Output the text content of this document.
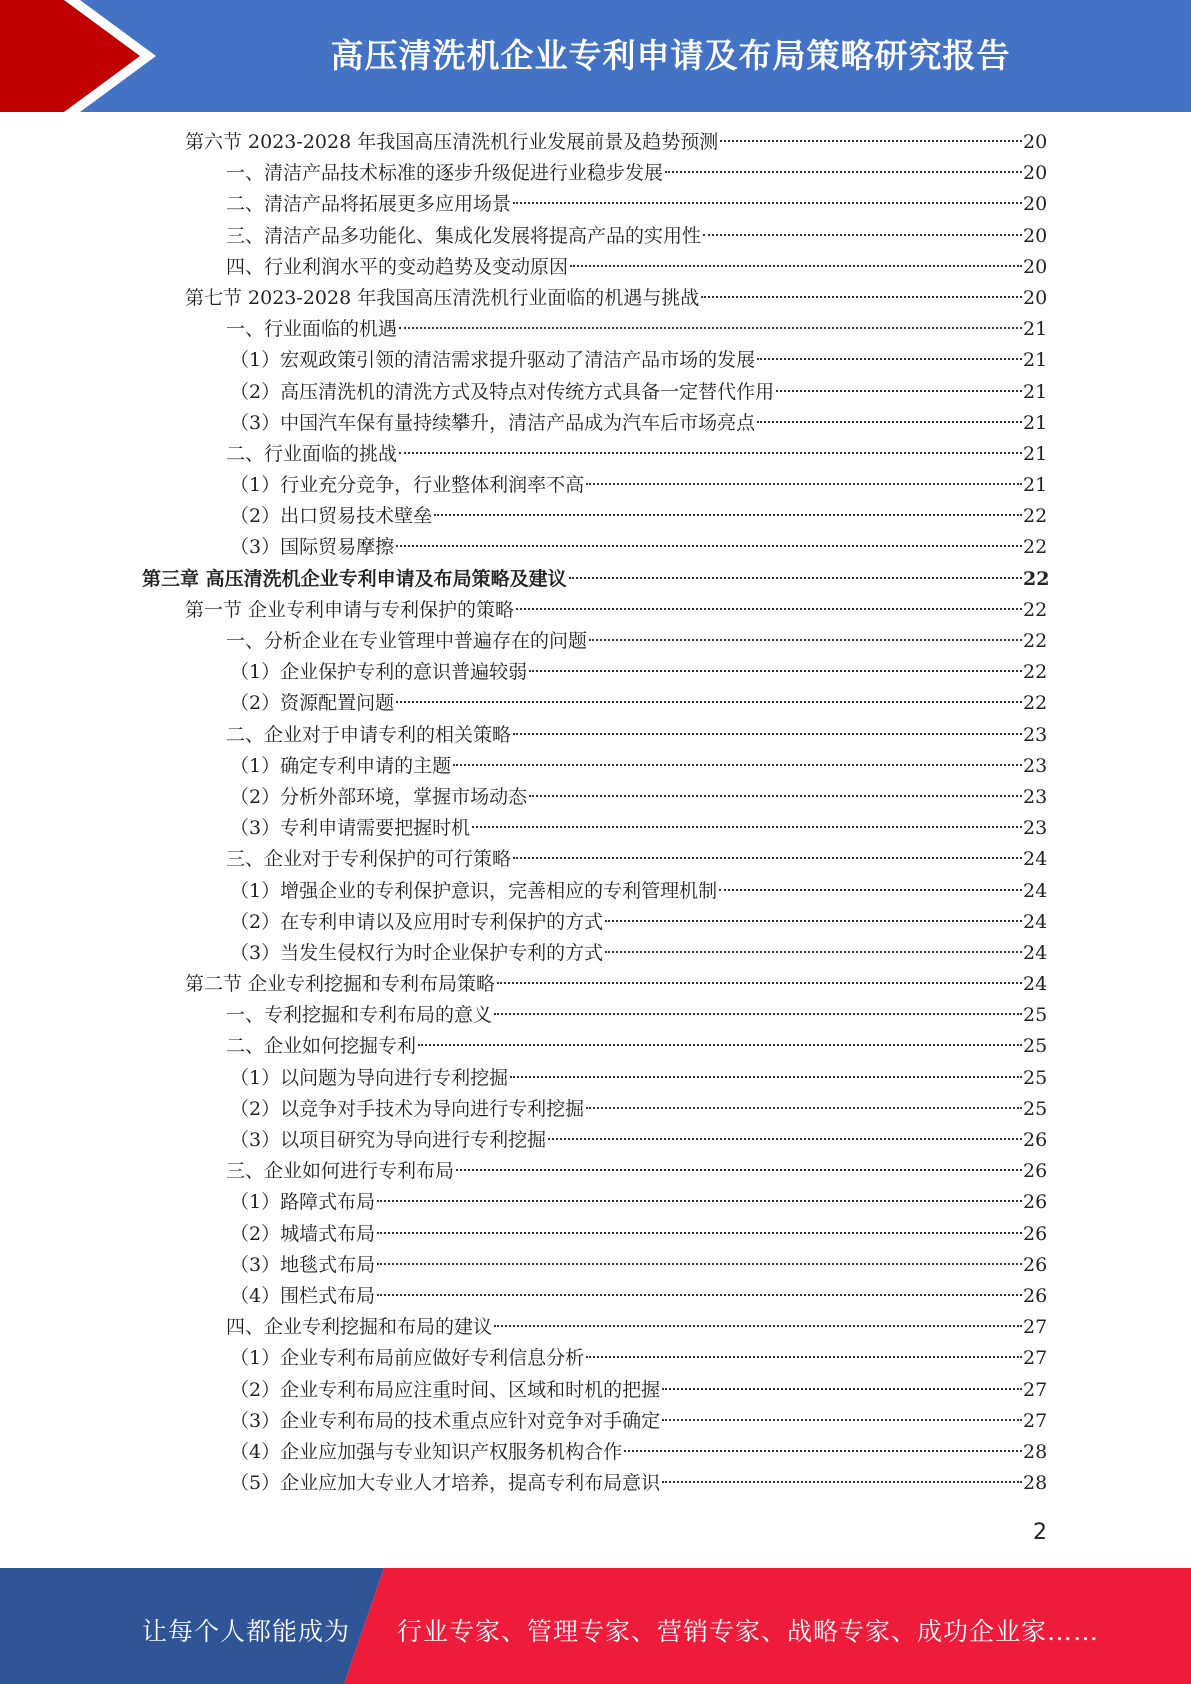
高压清洗机企业专利申请及布局策略研究报告
第六节 2023-2028 年我国高压清洗机行业发展前景及趋势预测	20
一、清洁产品技术标准的逐步升级促进行业稳步发展	20
二、清洁产品将拓展更多应用场景	20
三、清洁产品多功能化、集成化发展将提高产品的实用性	20
四、行业利润水平的变动趋势及变动原因	20
第七节 2023-2028 年我国高压清洗机行业面临的机遇与挑战	20
一、行业面临的机遇	21
（1）宏观政策引领的清洁需求提升驱动了清洁产品市场的发展	21
（2）高压清洗机的清洗方式及特点对传统方式具备一定替代作用	21
（3）中国汽车保有量持续攀升，清洁产品成为汽车后市场亮点	21
二、行业面临的挑战	21
（1）行业充分竞争，行业整体利润率不高	21
（2）出口贸易技术壁垒	22
（3）国际贸易摩擦	22
第三章 高压清洗机企业专利申请及布局策略及建议	22
第一节 企业专利申请与专利保护的策略	22
一、分析企业在专业管理中普遍存在的问题	22
（1）企业保护专利的意识普遍较弱	22
（2）资源配置问题	22
二、企业对于申请专利的相关策略	23
（1）确定专利申请的主题	23
（2）分析外部环境，掌握市场动态	23
（3）专利申请需要把握时机	23
三、企业对于专利保护的可行策略	24
（1）增强企业的专利保护意识，完善相应的专利管理机制	24
（2）在专利申请以及应用时专利保护的方式	24
（3）当发生侵权行为时企业保护专利的方式	24
第二节 企业专利挖掘和专利布局策略	24
一、专利挖掘和专利布局的意义	25
二、企业如何挖掘专利	25
（1）以问题为导向进行专利挖掘	25
（2）以竞争对手技术为导向进行专利挖掘	25
（3）以项目研究为导向进行专利挖掘	26
三、企业如何进行专利布局	26
（1）路障式布局	26
（2）城墙式布局	26
（3）地毯式布局	26
（4）围栏式布局	26
四、企业专利挖掘和布局的建议	27
（1）企业专利布局前应做好专利信息分析	27
（2）企业专利布局应注重时间、区域和时机的把握	27
（3）企业专利布局的技术重点应针对竞争对手确定	27
（4）企业应加强与专业知识产权服务机构合作	28
（5）企业应加大专业人才培养，提高专利布局意识	28
2
让每个人都能成为 行业专家、管理专家、营销专家、战略专家、成功企业家……
